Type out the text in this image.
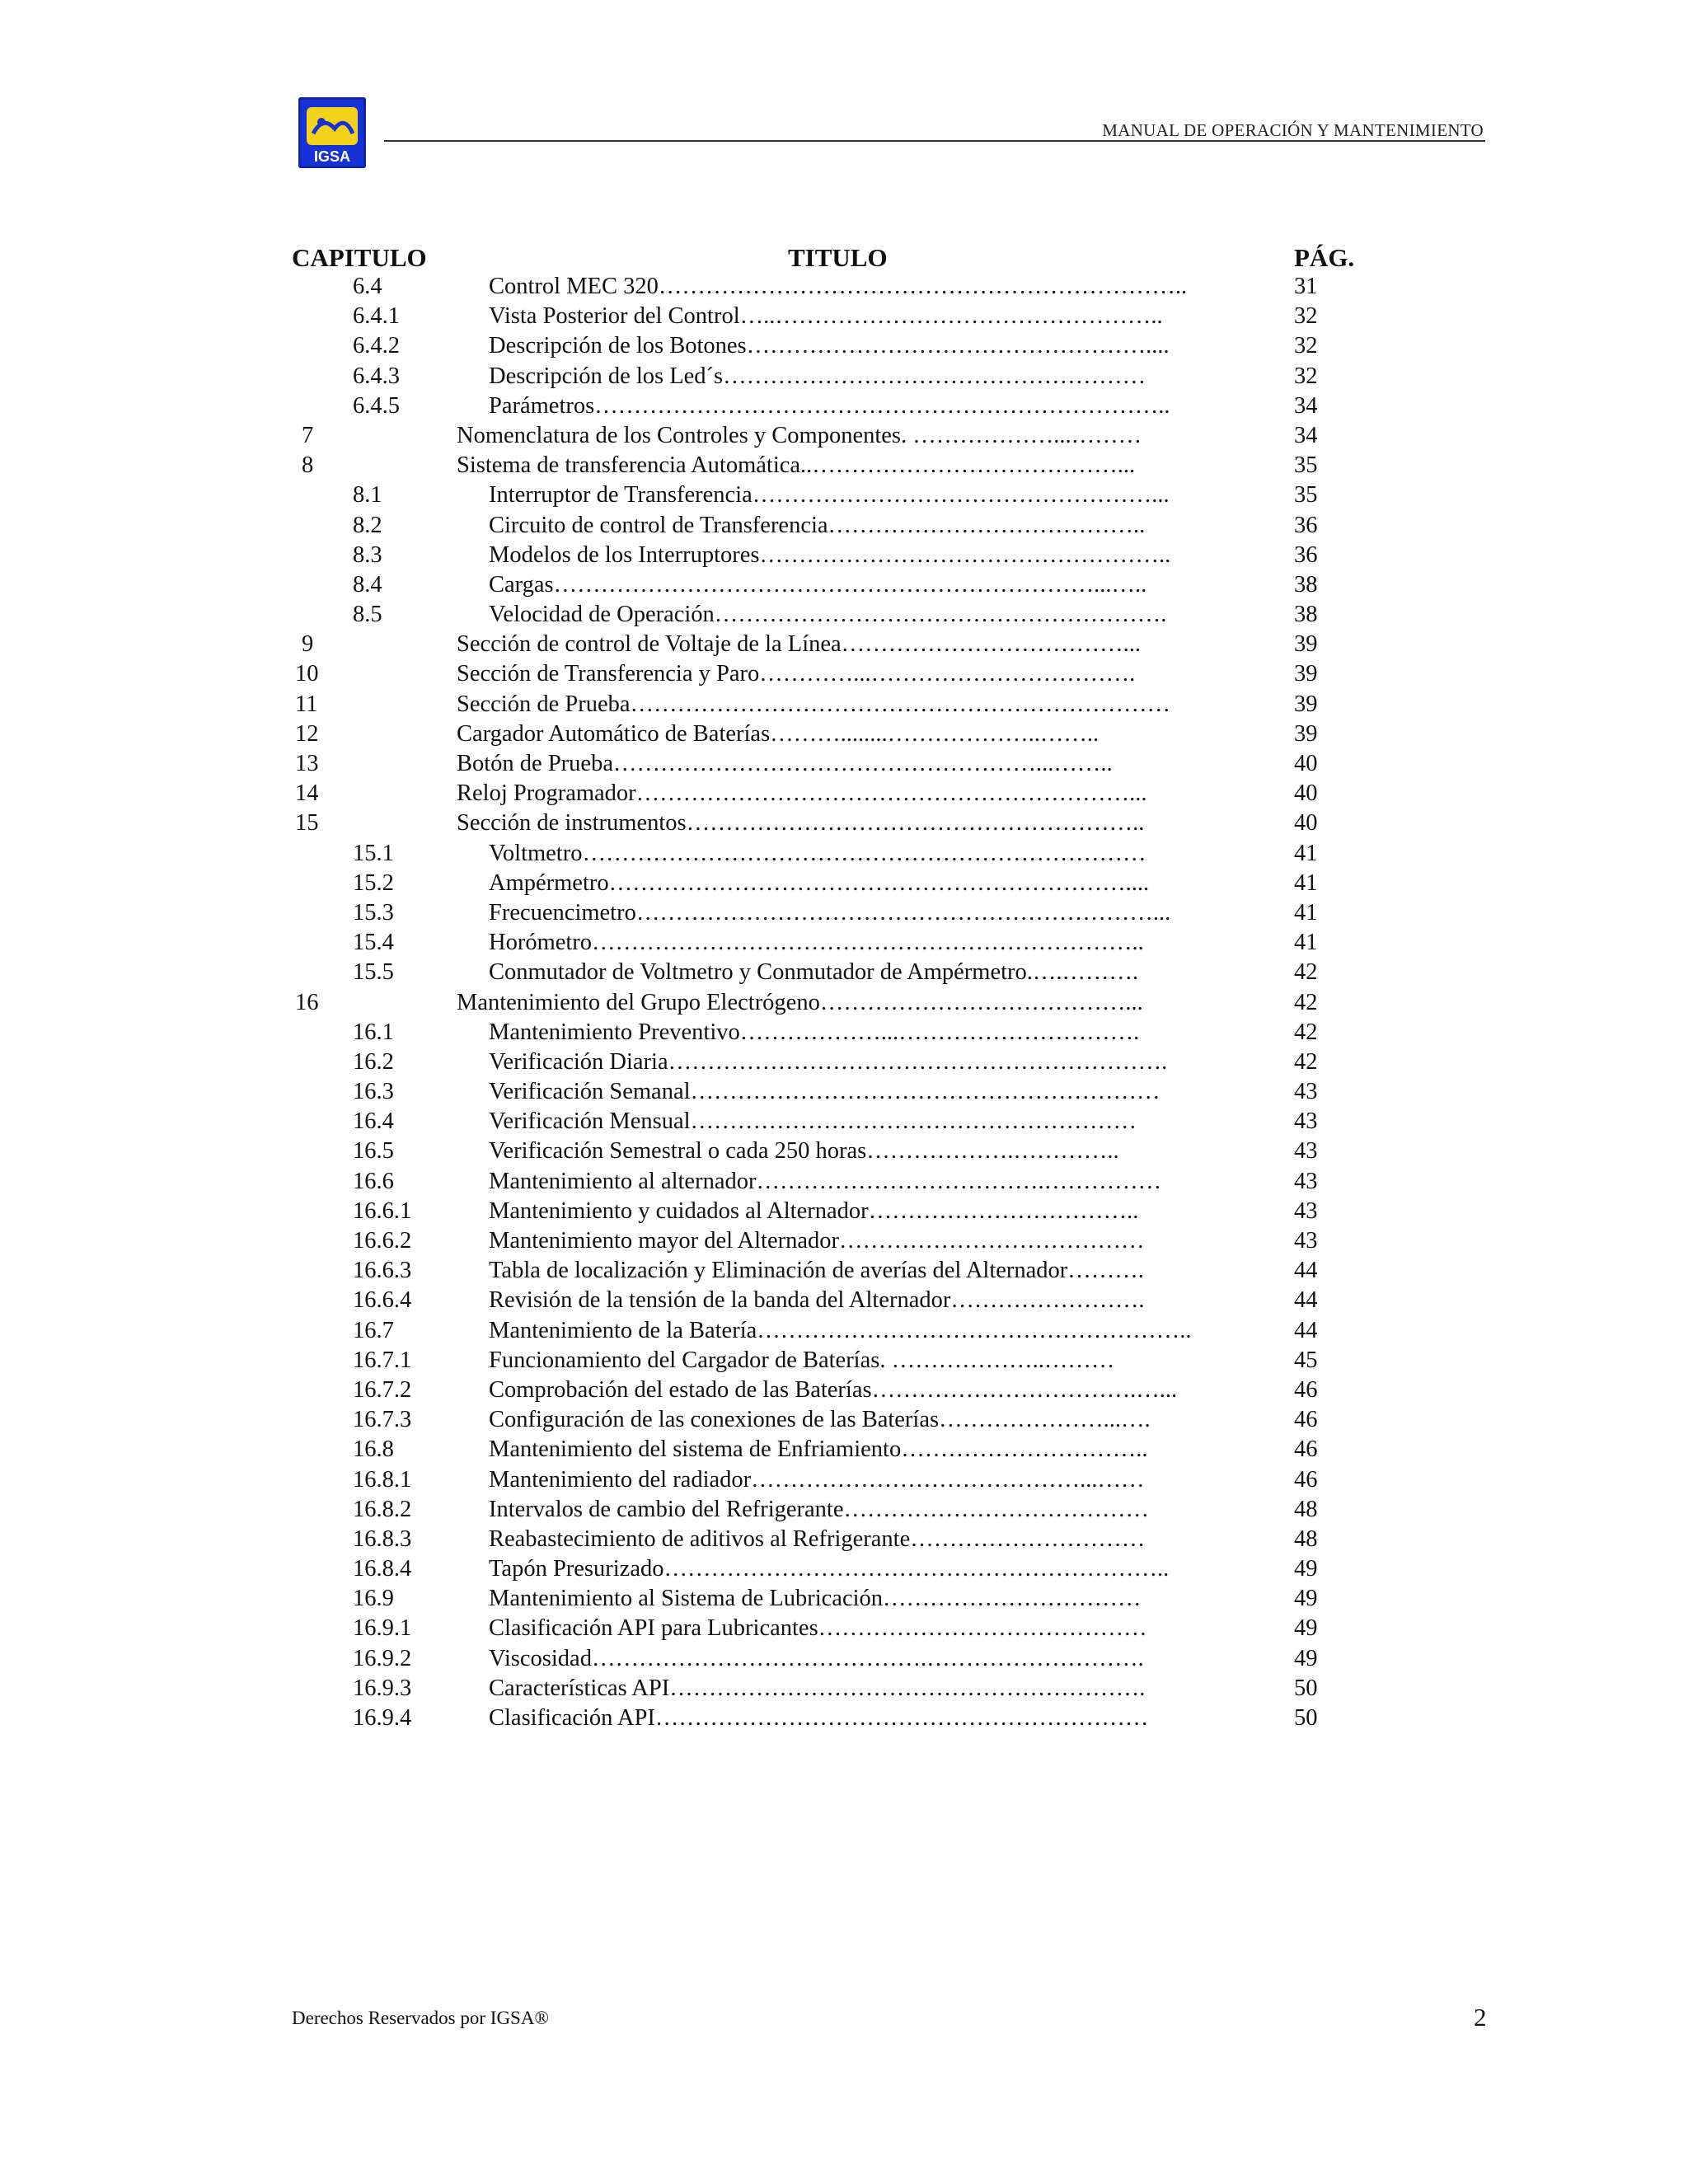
IGSA
MANUAL DE OPERACIÓN Y MANTENIMIENTO
CAPITULO	TITULO	PÁG.
6.4	Control MEC 320…………………………………………………………..	31
6.4.1	Vista Posterior del Control…..…………………………………………..	32
6.4.2	Descripción de los Botones……………………………………………....	32
6.4.3	Descripción de los Led´s………………………………………………	32
6.4.5	Parámetros………………………………………………………………..	34
7	Nomenclatura de los Controles y Componentes. ………………...………	34
8	Sistema de transferencia Automática..…………………………………...	35
8.1	Interruptor de Transferencia……………………………………………...	35
8.2	Circuito de control de Transferencia…………………………………..	36
8.3	Modelos de los Interruptores……………………………………………..	36
8.4	Cargas……………………………………………………………...…..	38
8.5	Velocidad de Operación………………………………………………….	38
9	Sección de control de Voltaje de la Línea………………………………...	39
10	Sección de Transferencia y Paro…………...…………………………….	39
11	Sección de Prueba……………………………………………………………	39
12	Cargador Automático de Baterías………........………………..……..	39
13	Botón de Prueba………………………………………………...……..	40
14	Reloj Programador………………………………………………………...	40
15	Sección de instrumentos…………………………………………………..	40
15.1	Voltmetro………………………………………………………………	41
15.2	Ampérmetro…………………………………………………………....	41
15.3	Frecuencimetro…………………………………………………………...	41
15.4	Horómetro……………………………………………………………..	41
15.5	Conmutador de Voltmetro y Conmutador de Ampérmetro.….……….	42
16	Mantenimiento del Grupo Electrógeno…………………………………...	42
16.1	Mantenimiento Preventivo………………...………………………….	42
16.2	Verificación Diaria……………………………………………………….	42
16.3	Verificación Semanal……………………………………………………	43
16.4	Verificación Mensual…………………………………………………	43
16.5	Verificación Semestral o cada 250 horas……………….…………..	43
16.6	Mantenimiento al alternador……………………………….……………	43
16.6.1	Mantenimiento y cuidados al Alternador……………………………..	43
16.6.2	Mantenimiento mayor del Alternador…………………………………	43
16.6.3	Tabla de localización y Eliminación de averías del Alternador……….	44
16.6.4	Revisión de la tensión de la banda del Alternador…………………….	44
16.7	Mantenimiento de la Batería………………………………………………..	44
16.7.1	Funcionamiento del Cargador de Baterías. ………………..………	45
16.7.2	Comprobación del estado de las Baterías…………………………….…...	46
16.7.3	Configuración de las conexiones de las Baterías…………………...….	46
16.8	Mantenimiento del sistema de Enfriamiento…………………………..	46
16.8.1	Mantenimiento del radiador……………………………………...……	46
16.8.2	Intervalos de cambio del Refrigerante…………………………………	48
16.8.3	Reabastecimiento de aditivos al Refrigerante…………………………	48
16.8.4	Tapón Presurizado………………………………………………………..	49
16.9	Mantenimiento al Sistema de Lubricación……………………………	49
16.9.1	Clasificación API para Lubricantes……………………………………	49
16.9.2	Viscosidad…………………………………….……………………….	49
16.9.3	Características API…………………………………………………….	50
16.9.4	Clasificación API………………………………………………………	50
Derechos Reservados por IGSA®	2
